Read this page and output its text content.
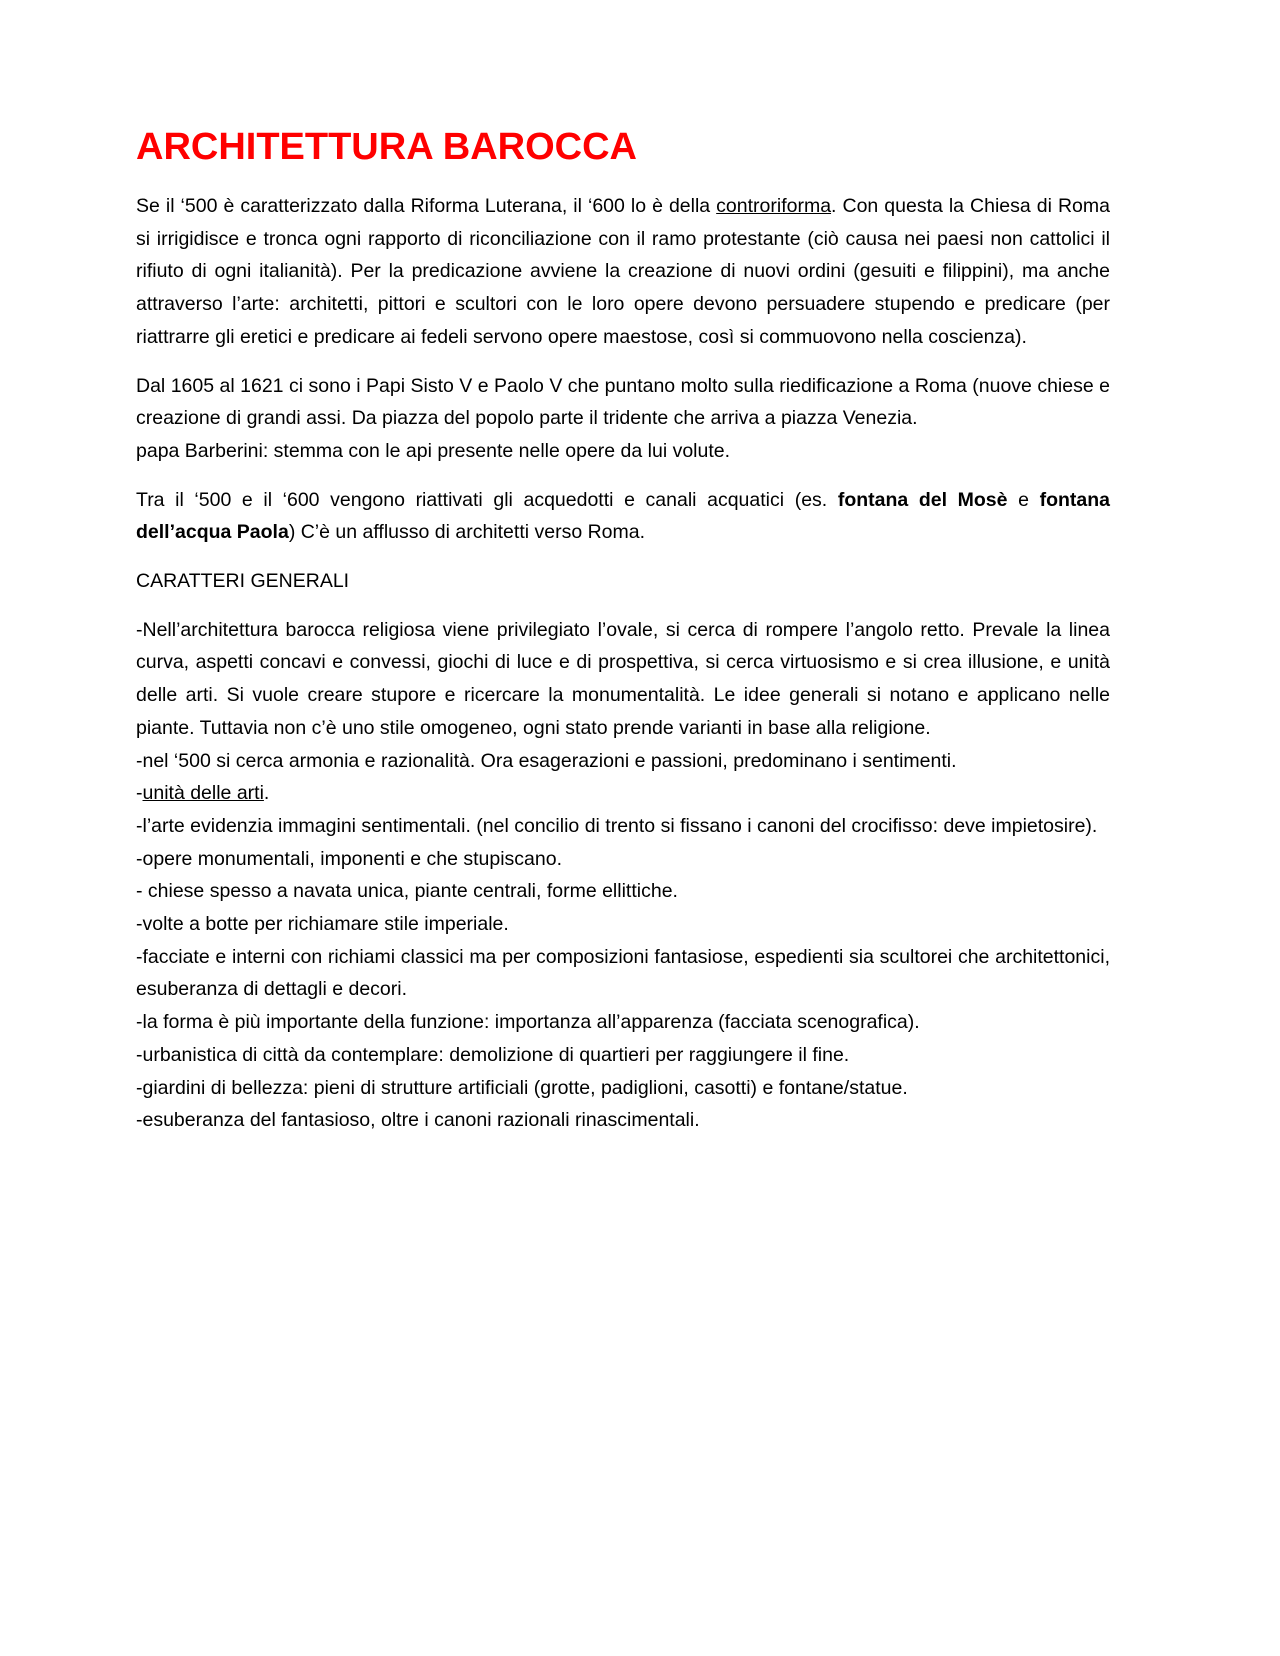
ARCHITETTURA BAROCCA

Se il ‘500 è caratterizzato dalla Riforma Luterana, il ‘600 lo è della controriforma. Con questa la Chiesa di Roma si irrigidisce e tronca ogni rapporto di riconciliazione con il ramo protestante (ciò causa nei paesi non cattolici il rifiuto di ogni italianità). Per la predicazione avviene la creazione di nuovi ordini (gesuiti e filippini), ma anche attraverso l’arte: architetti, pittori e scultori con le loro opere devono persuadere stupendo e predicare (per riattrarre gli eretici e predicare ai fedeli servono opere maestose, così si commuovono nella coscienza).

Dal 1605 al 1621 ci sono i Papi Sisto V e Paolo V che puntano molto sulla riedificazione a Roma (nuove chiese e creazione di grandi assi. Da piazza del popolo parte il tridente che arriva a piazza Venezia.

papa Barberini: stemma con le api presente nelle opere da lui volute.

Tra il ‘500 e il ‘600 vengono riattivati gli acquedotti e canali acquatici (es. fontana del Mosè e fontana dell’acqua Paola) C’è un afflusso di architetti verso Roma.

CARATTERI GENERALI

-Nell’architettura barocca religiosa viene privilegiato l’ovale, si cerca di rompere l’angolo retto. Prevale la linea curva, aspetti concavi e convessi, giochi di luce e di prospettiva, si cerca virtuosismo e si crea illusione, e unità delle arti. Si vuole creare stupore e ricercare la monumentalità. Le idee generali si notano e applicano nelle piante. Tuttavia non c’è uno stile omogeneo, ogni stato prende varianti in base alla religione.

-nel ‘500 si cerca armonia e razionalità. Ora esagerazioni e passioni, predominano i sentimenti.

-unità delle arti.

-l’arte evidenzia immagini sentimentali. (nel concilio di trento si fissano i canoni del crocifisso: deve impietosire).

-opere monumentali, imponenti e che stupiscano.

- chiese spesso a navata unica, piante centrali, forme ellittiche.

-volte a botte per richiamare stile imperiale.

-facciate e interni con richiami classici ma per composizioni fantasiose, espedienti sia scultorei che architettonici, esuberanza di dettagli e decori.

-la forma è più importante della funzione: importanza all’apparenza (facciata scenografica).

-urbanistica di città da contemplare: demolizione di quartieri per raggiungere il fine.

-giardini di bellezza: pieni di strutture artificiali (grotte, padiglioni, casotti) e fontane/statue.

-esuberanza del fantasioso, oltre i canoni razionali rinascimentali.
